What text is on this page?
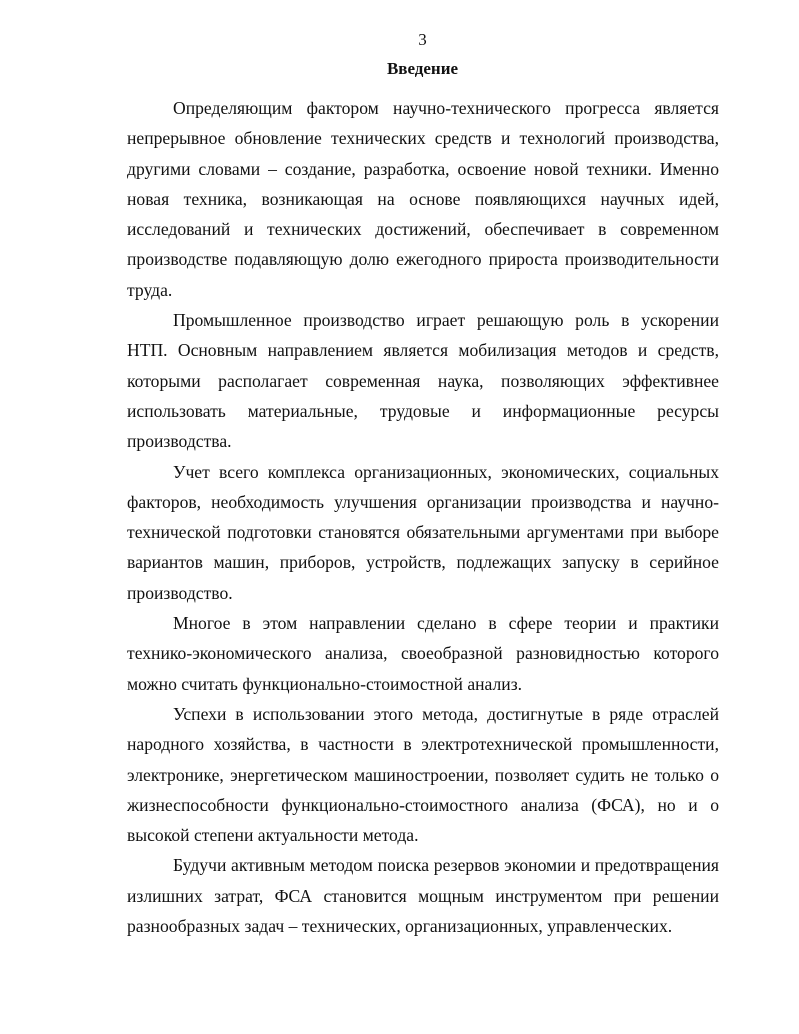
3
Введение

Определяющим фактором научно-технического прогресса является непрерывное обновление технических средств и технологий производства, другими словами – создание, разработка, освоение новой техники. Именно новая техника, возникающая на основе появляющихся научных идей, исследований и технических достижений, обеспечивает в современном производстве подавляющую долю ежегодного прироста производительности труда.

Промышленное производство играет решающую роль в ускорении НТП. Основным направлением является мобилизация методов и средств, которыми располагает современная наука, позволяющих эффективнее использовать материальные, трудовые и информационные ресурсы производства.

Учет всего комплекса организационных, экономических, социальных факторов, необходимость улучшения организации производства и научно-технической подготовки становятся обязательными аргументами при выборе вариантов машин, приборов, устройств, подлежащих запуску в серийное производство.

Многое в этом направлении сделано в сфере теории и практики технико-экономического анализа, своеобразной разновидностью которого можно считать функционально-стоимостной анализ.

Успехи в использовании этого метода, достигнутые в ряде отраслей народного хозяйства, в частности в электротехнической промышленности, электронике, энергетическом машиностроении, позволяет судить не только о жизнеспособности функционально-стоимостного анализа (ФСА), но и о высокой степени актуальности метода.

Будучи активным методом поиска резервов экономии и предотвращения излишних затрат, ФСА становится мощным инструментом при решении разнообразных задач – технических, организационных, управленческих.
